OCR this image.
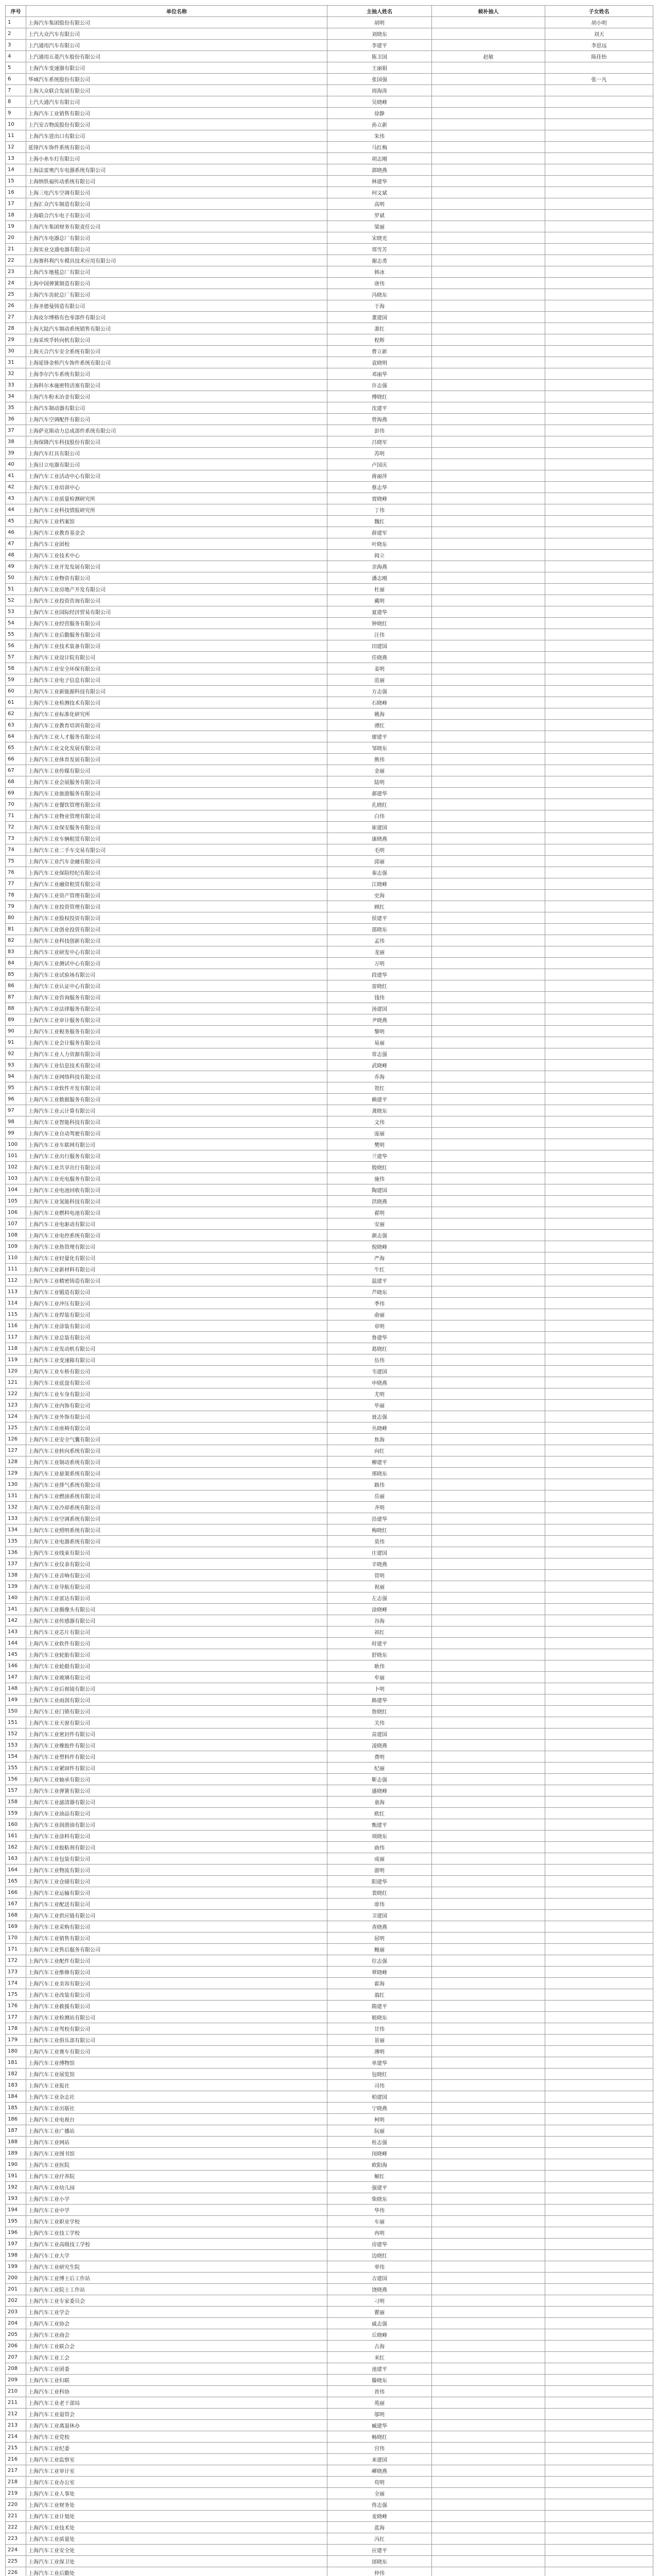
序号	单位名称	主抽人姓名	候补抽人	子女姓名
1	上海汽车集团股份有限公司	胡明		胡小明
2	上汽大众汽车有限公司	刘晓东		刘天
3	上汽通用汽车有限公司	李建平		李思远
4	上汽通用五菱汽车股份有限公司	陈卫国	赵敏	陈佳怡
5	上海汽车变速器有限公司	王丽娟		
6	华域汽车系统股份有限公司	张国强		张一凡
7	上海大众联合发展有限公司	周海涛		
8	上汽大通汽车有限公司	吴晓峰		
9	上海汽车工业销售有限公司	徐静		
10	上汽安吉物流股份有限公司	孙立新		
11	上海汽车进出口有限公司	朱伟		
12	延锋汽车饰件系统有限公司	马红梅		
13	上海小糸车灯有限公司	胡志刚		
14	上海法雷奥汽车电器系统有限公司	郭晓燕		
15	上海纳铁福传动系统有限公司	林建华		
16	上海三电汽车空调有限公司	何文斌		
17	上海汇众汽车制造有限公司	高明		
18	上海联合汽车电子有限公司	罗斌		
19	上海汽车集团财务有限责任公司	梁丽		
20	上海汽车电器总厂有限公司	宋晓光		
21	上海实业交通电器有限公司	郑雪芳		
22	上海赛科利汽车模具技术应用有限公司	谢志勇		
23	上海汽车地毯总厂有限公司	韩冰		
24	上海中国弹簧制造有限公司	唐伟		
25	上海汽车齿轮总厂有限公司	冯晓东		
26	上海圣德曼铸造有限公司	于海		
27	上海皮尔博格有色零部件有限公司	董建国		
28	上海大陆汽车制动系统销售有限公司	萧红		
29	上海采埃孚转向机有限公司	程辉		
30	上海天合汽车安全系统有限公司	曹立新		
31	上海延锋金桥汽车饰件系统有限公司	袁晓明		
32	上海李尔汽车系统有限公司	邓丽华		
33	上海科尔本施密特活塞有限公司	许志强		
34	上海汽车粉末冶金有限公司	傅晓红		
35	上海汽车制动器有限公司	沈建平		
36	上海汽车空调配件有限公司	曾海燕		
37	上海萨克斯动力总成部件系统有限公司	彭伟		
38	上海保隆汽车科技股份有限公司	吕晓军		
39	上海汽车灯具有限公司	苏明		
40	上海日立电器有限公司	卢国庆		
41	上海汽车工业活动中心有限公司	蒋丽萍		
42	上海汽车工业培训中心	蔡志华		
43	上海汽车工业质量检测研究所	贾晓峰		
44	上海汽车工业科技情报研究所	丁伟		
45	上海汽车工业档案馆	魏红		
46	上海汽车工业教育基金会	薛建军		
47	上海汽车工业团校	叶晓东		
48	上海汽车工业技术中心	阎立		
49	上海汽车工业开发发展有限公司	余海燕		
50	上海汽车工业物资有限公司	潘志刚		
51	上海汽车工业房地产开发有限公司	杜丽		
52	上海汽车工业投资咨询有限公司	戴明		
53	上海汽车工业国际经济贸易有限公司	夏建华		
54	上海汽车工业经营服务有限公司	钟晓红		
55	上海汽车工业后勤服务有限公司	汪伟		
56	上海汽车工业技术装备有限公司	田建国		
57	上海汽车工业设计院有限公司	任晓燕		
58	上海汽车工业安全环保有限公司	姜明		
59	上海汽车工业电子信息有限公司	范丽		
60	上海汽车工业新能源科技有限公司	方志强		
61	上海汽车工业检测技术有限公司	石晓峰		
62	上海汽车工业标准化研究所	姚海		
63	上海汽车工业教育培训有限公司	谭红		
64	上海汽车工业人才服务有限公司	廖建平		
65	上海汽车工业文化发展有限公司	邹晓东		
66	上海汽车工业体育发展有限公司	熊伟		
67	上海汽车工业传媒有限公司	金丽		
68	上海汽车工业会展服务有限公司	陆明		
69	上海汽车工业旅游服务有限公司	郝建华		
70	上海汽车工业餐饮管理有限公司	孔晓红		
71	上海汽车工业物业管理有限公司	白伟		
72	上海汽车工业保安服务有限公司	崔建国		
73	上海汽车工业车辆租赁有限公司	康晓燕		
74	上海汽车工业二手车交易有限公司	毛明		
75	上海汽车工业汽车金融有限公司	邱丽		
76	上海汽车工业保险经纪有限公司	秦志强		
77	上海汽车工业融资租赁有限公司	江晓峰		
78	上海汽车工业资产管理有限公司	史海		
79	上海汽车工业投资管理有限公司	顾红		
80	上海汽车工业股权投资有限公司	侯建平		
81	上海汽车工业创业投资有限公司	邵晓东		
82	上海汽车工业科技创新有限公司	孟伟		
83	上海汽车工业研发中心有限公司	龙丽		
84	上海汽车工业测试中心有限公司	万明		
85	上海汽车工业试验场有限公司	段建华		
86	上海汽车工业认证中心有限公司	雷晓红		
87	上海汽车工业咨询服务有限公司	钱伟		
88	上海汽车工业法律服务有限公司	汤建国		
89	上海汽车工业审计服务有限公司	尹晓燕		
90	上海汽车工业税务服务有限公司	黎明		
91	上海汽车工业会计服务有限公司	易丽		
92	上海汽车工业人力资源有限公司	常志强		
93	上海汽车工业信息技术有限公司	武晓峰		
94	上海汽车工业网络科技有限公司	乔海		
95	上海汽车工业软件开发有限公司	贺红		
96	上海汽车工业数据服务有限公司	赖建平		
97	上海汽车工业云计算有限公司	龚晓东		
98	上海汽车工业智能科技有限公司	文伟		
99	上海汽车工业自动驾驶有限公司	庞丽		
100	上海汽车工业车联网有限公司	樊明		
101	上海汽车工业出行服务有限公司	兰建华		
102	上海汽车工业共享出行有限公司	殷晓红		
103	上海汽车工业充电服务有限公司	施伟		
104	上海汽车工业电池回收有限公司	陶建国		
105	上海汽车工业氢能科技有限公司	洪晓燕		
106	上海汽车工业燃料电池有限公司	翟明		
107	上海汽车工业电驱动有限公司	安丽		
108	上海汽车工业电控系统有限公司	颜志强		
109	上海汽车工业热管理有限公司	倪晓峰		
110	上海汽车工业轻量化有限公司	严海		
111	上海汽车工业新材料有限公司	牛红		
112	上海汽车工业精密铸造有限公司	温建平		
113	上海汽车工业锻造有限公司	芦晓东		
114	上海汽车工业冲压有限公司	季伟		
115	上海汽车工业焊装有限公司	俞丽		
116	上海汽车工业涂装有限公司	章明		
117	上海汽车工业总装有限公司	鲁建华		
118	上海汽车工业发动机有限公司	葛晓红		
119	上海汽车工业变速箱有限公司	伍伟		
120	上海汽车工业车桥有限公司	韦建国		
121	上海汽车工业底盘有限公司	申晓燕		
122	上海汽车工业车身有限公司	尤明		
123	上海汽车工业内饰有限公司	毕丽		
124	上海汽车工业外饰有限公司	聂志强		
125	上海汽车工业座椅有限公司	丛晓峰		
126	上海汽车工业安全气囊有限公司	焦海		
127	上海汽车工业转向系统有限公司	向红		
128	上海汽车工业制动系统有限公司	柳建平		
129	上海汽车工业悬架系统有限公司	邢晓东		
130	上海汽车工业排气系统有限公司	路伟		
131	上海汽车工业燃油系统有限公司	岳丽		
132	上海汽车工业冷却系统有限公司	齐明		
133	上海汽车工业空调系统有限公司	沿建华		
134	上海汽车工业照明系统有限公司	梅晓红		
135	上海汽车工业电器系统有限公司	莫伟		
136	上海汽车工业线束有限公司	庄建国		
137	上海汽车工业仪表有限公司	辛晓燕		
138	上海汽车工业音响有限公司	管明		
139	上海汽车工业导航有限公司	祝丽		
140	上海汽车工业雷达有限公司	左志强		
141	上海汽车工业摄像头有限公司	涂晓峰		
142	上海汽车工业传感器有限公司	谷海		
143	上海汽车工业芯片有限公司	祁红		
144	上海汽车工业软件有限公司	时建平		
145	上海汽车工业轮胎有限公司	舒晓东		
146	上海汽车工业轮毂有限公司	耿伟		
147	上海汽车工业玻璃有限公司	牟丽		
148	上海汽车工业后视镜有限公司	卜明		
149	上海汽车工业雨刮有限公司	路建华		
150	上海汽车工业门锁有限公司	詹晓红		
151	上海汽车工业天窗有限公司	关伟		
152	上海汽车工业密封件有限公司	苗建国		
153	上海汽车工业橡胶件有限公司	凌晓燕		
154	上海汽车工业塑料件有限公司	费明		
155	上海汽车工业紧固件有限公司	纪丽		
156	上海汽车工业轴承有限公司	靳志强		
157	上海汽车工业弹簧有限公司	盛晓峰		
158	上海汽车工业滤清器有限公司	童海		
159	上海汽车工业油品有限公司	欧红		
160	上海汽车工业润滑油有限公司	甄建平		
161	上海汽车工业涂料有限公司	项晓东		
162	上海汽车工业胶粘剂有限公司	曲伟		
163	上海汽车工业包装有限公司	成丽		
164	上海汽车工业物流有限公司	游明		
165	上海汽车工业仓储有限公司	阳建华		
166	上海汽车工业运输有限公司	裴晓红		
167	上海汽车工业配送有限公司	席伟		
168	上海汽车工业供应链有限公司	卫建国		
169	上海汽车工业采购有限公司	查晓燕		
170	上海汽车工业销售有限公司	屈明		
171	上海汽车工业售后服务有限公司	鲍丽		
172	上海汽车工业配件有限公司	位志强		
173	上海汽车工业维修有限公司	覃晓峰		
174	上海汽车工业美容有限公司	霍海		
175	上海汽车工业改装有限公司	翁红		
176	上海汽车工业救援有限公司	隋建平		
177	上海汽车工业检测站有限公司	植晓东		
178	上海汽车工业驾校有限公司	甘伟		
179	上海汽车工业俱乐部有限公司	景丽		
180	上海汽车工业赛车有限公司	薄明		
181	上海汽车工业博物馆	单建华		
182	上海汽车工业展览馆	包晓红		
183	上海汽车工业报社	司伟		
184	上海汽车工业杂志社	柏建国		
185	上海汽车工业出版社	宁晓燕		
186	上海汽车工业电视台	柯明		
187	上海汽车工业广播站	阮丽		
188	上海汽车工业网站	桂志强		
189	上海汽车工业图书馆	闵晓峰		
190	上海汽车工业医院	欧阳海		
191	上海汽车工业疗养院	解红		
192	上海汽车工业幼儿园	强建平		
193	上海汽车工业小学	柴晓东		
194	上海汽车工业中学	华伟		
195	上海汽车工业职业学校	车丽		
196	上海汽车工业技工学校	冉明		
197	上海汽车工业高级技工学校	房建华		
198	上海汽车工业大学	边晓红		
199	上海汽车工业研究生院	辜伟		
200	上海汽车工业博士后工作站	吉建国		
201	上海汽车工业院士工作站	饶晓燕		
202	上海汽车工业专家委员会	刁明		
203	上海汽车工业学会	瞿丽		
204	上海汽车工业协会	戚志强		
205	上海汽车工业商会	丘晓峰		
206	上海汽车工业联合会	古海		
207	上海汽车工业工会	米红		
208	上海汽车工业团委	池建平		
209	上海汽车工业妇联	滕晓东		
210	上海汽车工业科协	晋伟		
211	上海汽车工业老干部局	苑丽		
212	上海汽车工业退管会	邬明		
213	上海汽车工业离退休办	臧建华		
214	上海汽车工业党校	畅晓红		
215	上海汽车工业纪委	宫伟		
216	上海汽车工业监察室	来建国		
217	上海汽车工业审计室	嵺晓燕		
218	上海汽车工业办公室	苟明		
219	上海汽车工业人事处	全丽		
220	上海汽车工业财务处	佟志强		
221	上海汽车工业计划处	麦晓峰		
222	上海汽车工业技术处	蓝海		
223	上海汽车工业质量处	冯红		
224	上海汽车工业安全处	应建平		
225	上海汽车工业保卫处	邰晓东		
226	上海汽车工业后勤处	仲伟		
